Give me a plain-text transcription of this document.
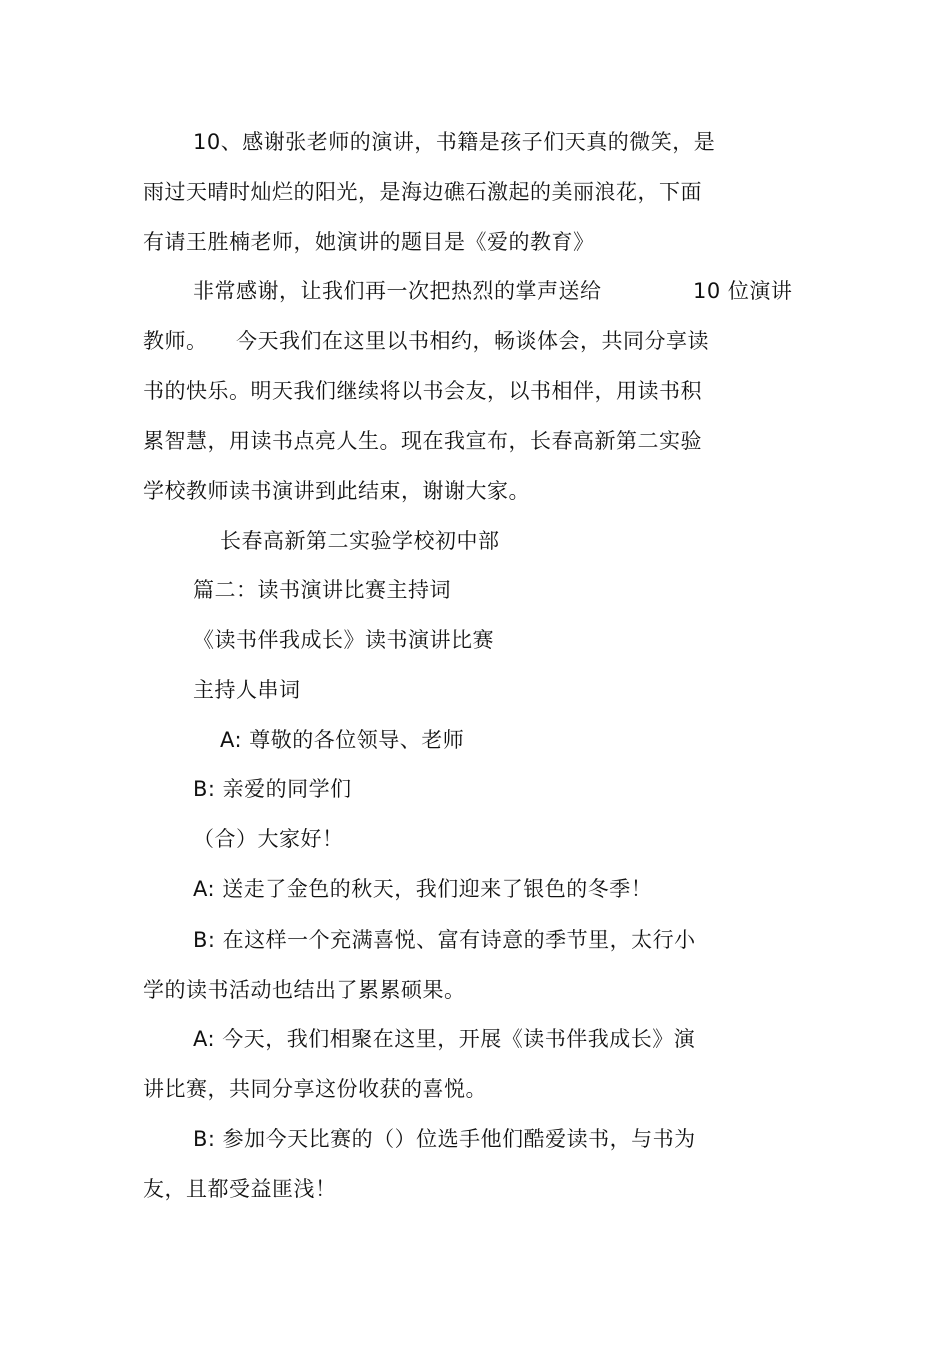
10、感谢张老师的演讲，书籍是孩子们天真的微笑，是
雨过天晴时灿烂的阳光，是海边礁石激起的美丽浪花，下面
有请王胜楠老师，她演讲的题目是《爱的教育》
非常感谢，让我们再一次把热烈的掌声送给	10 位演讲
教师。 今天我们在这里以书相约，畅谈体会，共同分享读
书的快乐。明天我们继续将以书会友，以书相伴，用读书积
累智慧，用读书点亮人生。现在我宣布，长春高新第二实验
学校教师读书演讲到此结束，谢谢大家。
长春高新第二实验学校初中部
篇二：读书演讲比赛主持词
《读书伴我成长》读书演讲比赛
主持人串词
A: 尊敬的各位领导、老师
B: 亲爱的同学们
（合）大家好！
A: 送走了金色的秋天，我们迎来了银色的冬季！
B: 在这样一个充满喜悦、富有诗意的季节里，太行小
学的读书活动也结出了累累硕果。
A: 今天，我们相聚在这里，开展《读书伴我成长》演
讲比赛，共同分享这份收获的喜悦。
B: 参加今天比赛的（）位选手他们酷爱读书，与书为
友，且都受益匪浅！
